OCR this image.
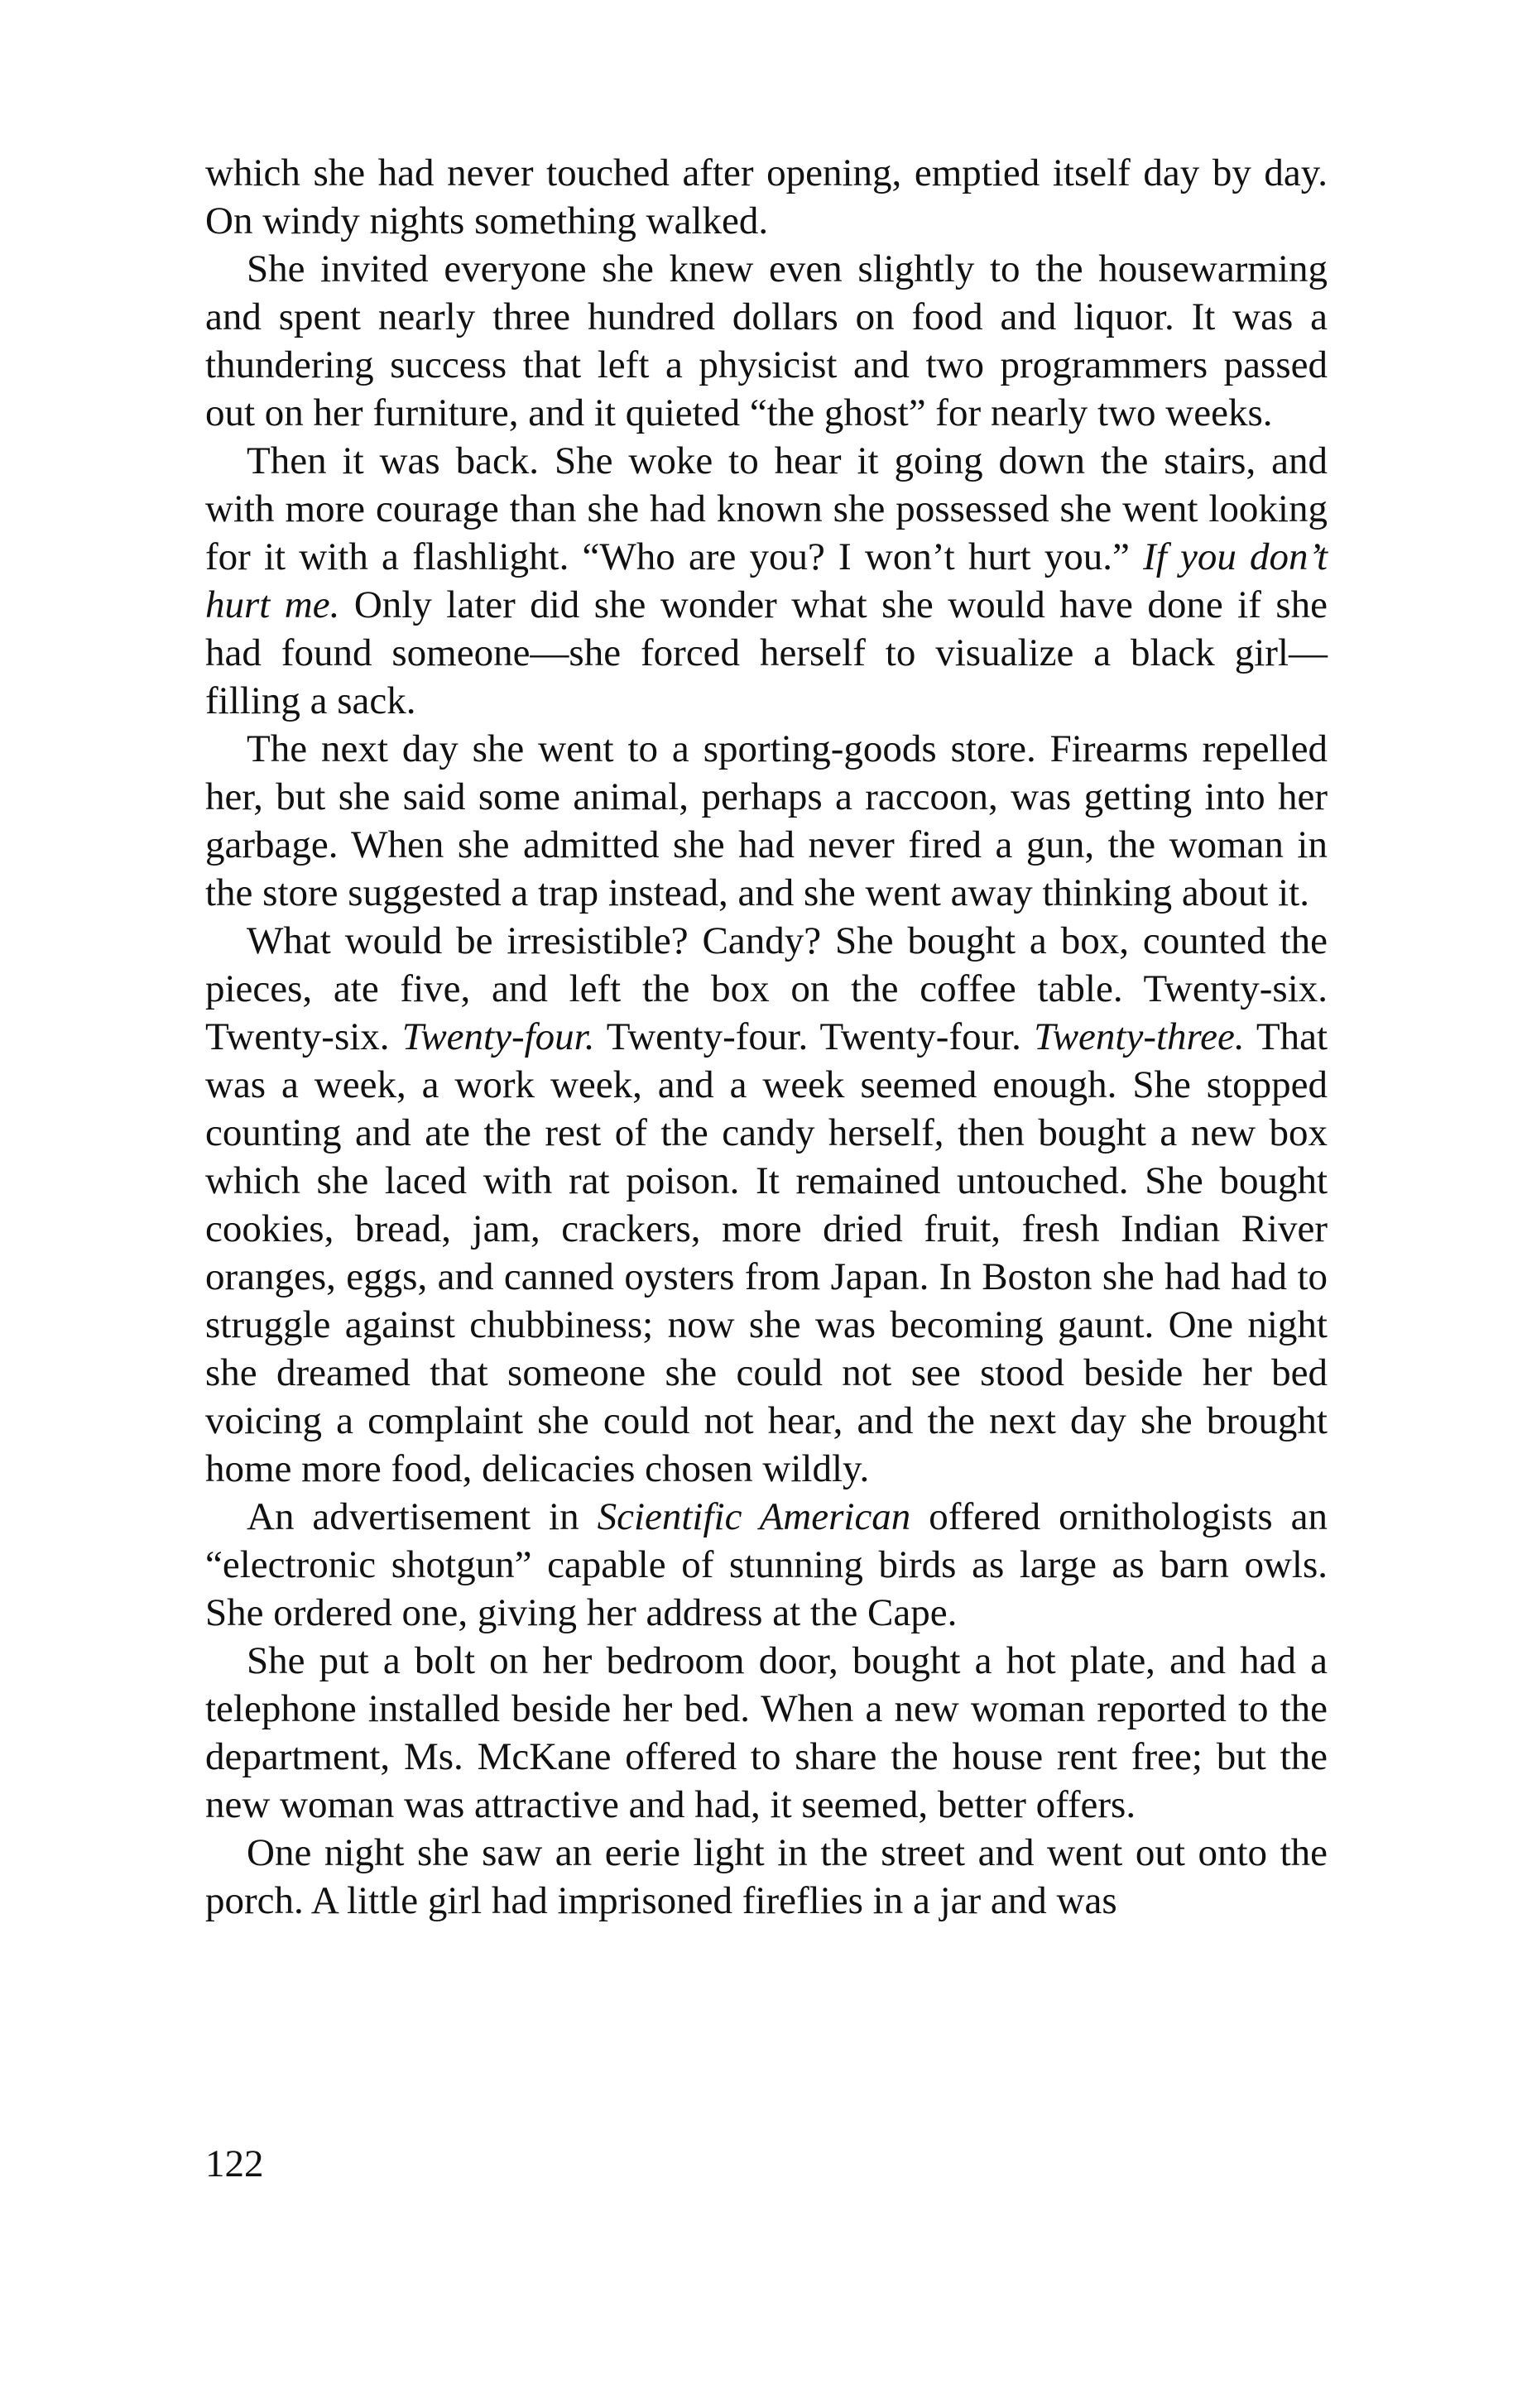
which she had never touched after opening, emptied itself day by day. On windy nights something walked.

She invited everyone she knew even slightly to the housewarming and spent nearly three hundred dollars on food and liquor. It was a thundering success that left a physicist and two programmers passed out on her furniture, and it quieted “the ghost” for nearly two weeks.

Then it was back. She woke to hear it going down the stairs, and with more courage than she had known she possessed she went looking for it with a flashlight. “Who are you? I won’t hurt you.” If you don’t hurt me. Only later did she wonder what she would have done if she had found someone—she forced herself to visualize a black girl—filling a sack.

The next day she went to a sporting-goods store. Firearms repelled her, but she said some animal, perhaps a raccoon, was getting into her garbage. When she admitted she had never fired a gun, the woman in the store suggested a trap instead, and she went away thinking about it.

What would be irresistible? Candy? She bought a box, counted the pieces, ate five, and left the box on the coffee table. Twenty-six. Twenty-six. Twenty-four. Twenty-four. Twenty-four. Twenty-three. That was a week, a work week, and a week seemed enough. She stopped counting and ate the rest of the candy herself, then bought a new box which she laced with rat poison. It remained untouched. She bought cookies, bread, jam, crackers, more dried fruit, fresh Indian River oranges, eggs, and canned oysters from Japan. In Boston she had had to struggle against chubbiness; now she was becoming gaunt. One night she dreamed that someone she could not see stood beside her bed voicing a complaint she could not hear, and the next day she brought home more food, delicacies chosen wildly.

An advertisement in Scientific American offered ornithologists an “electronic shotgun” capable of stunning birds as large as barn owls. She ordered one, giving her address at the Cape.

She put a bolt on her bedroom door, bought a hot plate, and had a telephone installed beside her bed. When a new woman reported to the department, Ms. McKane offered to share the house rent free; but the new woman was attractive and had, it seemed, better offers.

One night she saw an eerie light in the street and went out onto the porch. A little girl had imprisoned fireflies in a jar and was

122
